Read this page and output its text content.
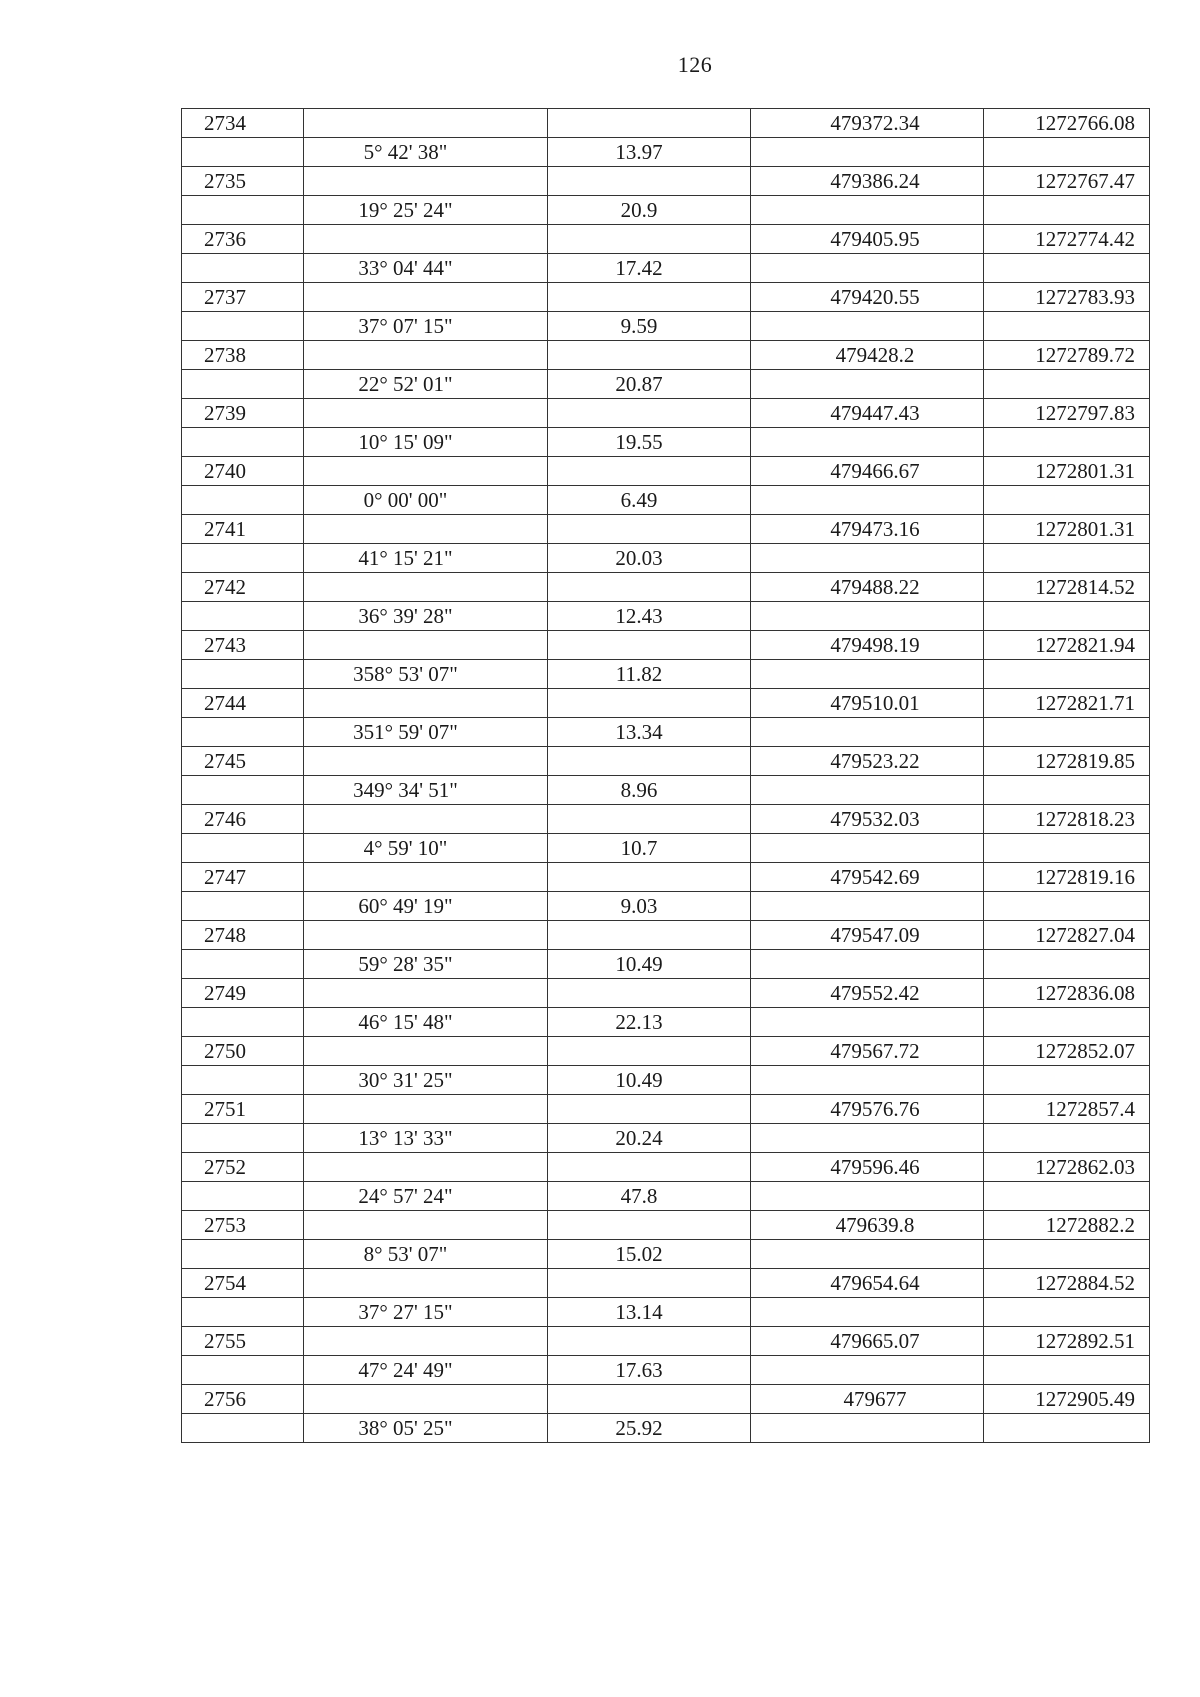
126
2734			479372.34	1272766.08
	5° 42' 38"	13.97		
2735			479386.24	1272767.47
	19° 25' 24"	20.9		
2736			479405.95	1272774.42
	33° 04' 44"	17.42		
2737			479420.55	1272783.93
	37° 07' 15"	9.59		
2738			479428.2	1272789.72
	22° 52' 01"	20.87		
2739			479447.43	1272797.83
	10° 15' 09"	19.55		
2740			479466.67	1272801.31
	0° 00' 00"	6.49		
2741			479473.16	1272801.31
	41° 15' 21"	20.03		
2742			479488.22	1272814.52
	36° 39' 28"	12.43		
2743			479498.19	1272821.94
	358° 53' 07"	11.82		
2744			479510.01	1272821.71
	351° 59' 07"	13.34		
2745			479523.22	1272819.85
	349° 34' 51"	8.96		
2746			479532.03	1272818.23
	4° 59' 10"	10.7		
2747			479542.69	1272819.16
	60° 49' 19"	9.03		
2748			479547.09	1272827.04
	59° 28' 35"	10.49		
2749			479552.42	1272836.08
	46° 15' 48"	22.13		
2750			479567.72	1272852.07
	30° 31' 25"	10.49		
2751			479576.76	1272857.4
	13° 13' 33"	20.24		
2752			479596.46	1272862.03
	24° 57' 24"	47.8		
2753			479639.8	1272882.2
	8° 53' 07"	15.02		
2754			479654.64	1272884.52
	37° 27' 15"	13.14		
2755			479665.07	1272892.51
	47° 24' 49"	17.63		
2756			479677	1272905.49
	38° 05' 25"	25.92		
